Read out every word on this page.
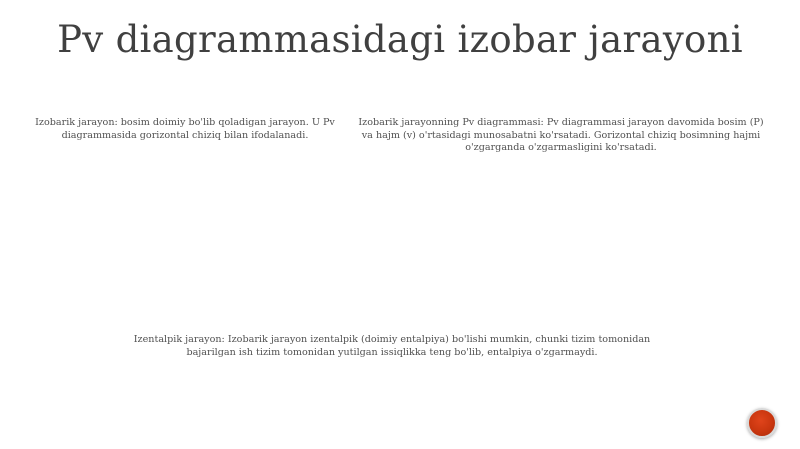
Pv diagrammasidagi izobar jarayoni

Izobarik jarayon: bosim doimiy bo'lib qoladigan jarayon. U Pv diagrammasida gorizontal chiziq bilan ifodalanadi.

Izobarik jarayonning Pv diagrammasi: Pv diagrammasi jarayon davomida bosim (P) va hajm (v) o'rtasidagi munosabatni ko'rsatadi. Gorizontal chiziq bosimning hajmi o'zgarganda o'zgarmasligini ko'rsatadi.

Izentalpik jarayon: Izobarik jarayon izentalpik (doimiy entalpiya) bo'lishi mumkin, chunki tizim tomonidan bajarilgan ish tizim tomonidan yutilgan issiqlikka teng bo'lib, entalpiya o'zgarmaydi.
